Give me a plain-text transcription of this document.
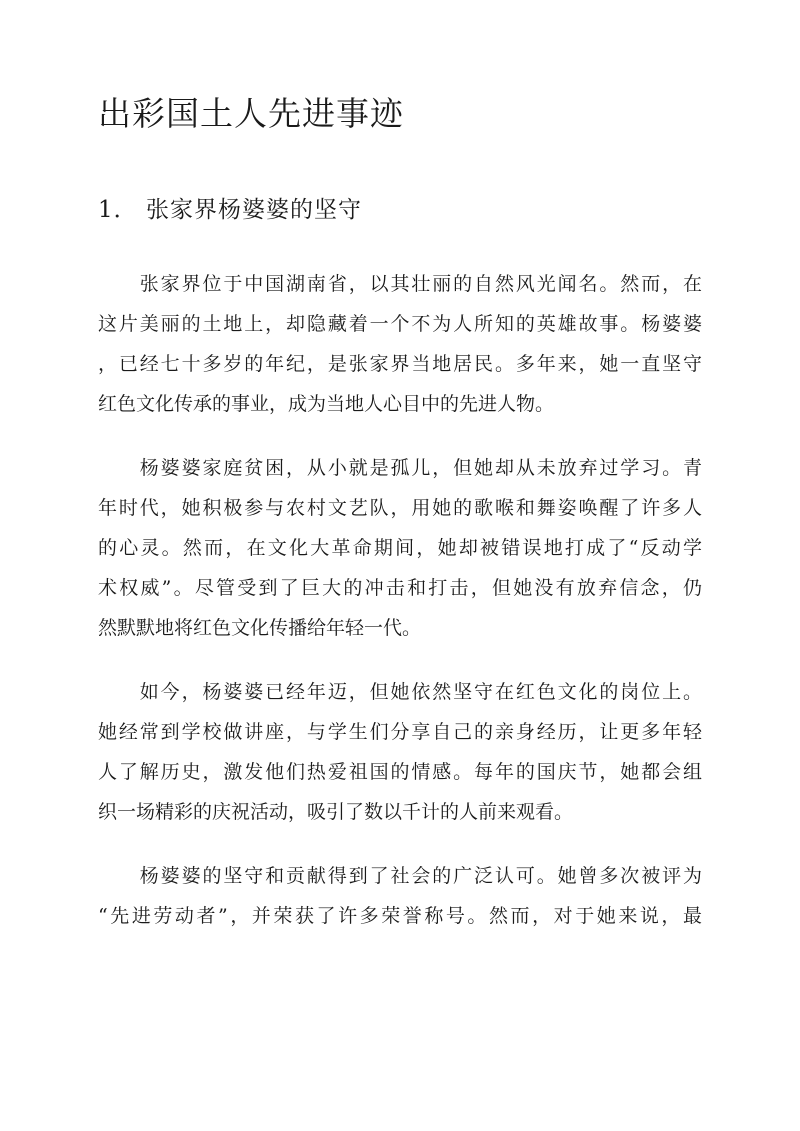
出彩国土人先进事迹
1． 张家界杨婆婆的坚守

　　张家界位于中国湖南省，以其壮丽的自然风光闻名。然而，在
这片美丽的土地上，却隐藏着一个不为人所知的英雄故事。杨婆婆
，已经七十多岁的年纪，是张家界当地居民。多年来，她一直坚守
红色文化传承的事业，成为当地人心目中的先进人物。

　　杨婆婆家庭贫困，从小就是孤儿，但她却从未放弃过学习。青
年时代，她积极参与农村文艺队，用她的歌喉和舞姿唤醒了许多人
的心灵。然而，在文化大革命期间，她却被错误地打成了“反动学
术权威”。尽管受到了巨大的冲击和打击，但她没有放弃信念，仍
然默默地将红色文化传播给年轻一代。

　　如今，杨婆婆已经年迈，但她依然坚守在红色文化的岗位上。
她经常到学校做讲座，与学生们分享自己的亲身经历，让更多年轻
人了解历史，激发他们热爱祖国的情感。每年的国庆节，她都会组
织一场精彩的庆祝活动，吸引了数以千计的人前来观看。

　　杨婆婆的坚守和贡献得到了社会的广泛认可。她曾多次被评为
“先进劳动者”，并荣获了许多荣誉称号。然而，对于她来说，最
